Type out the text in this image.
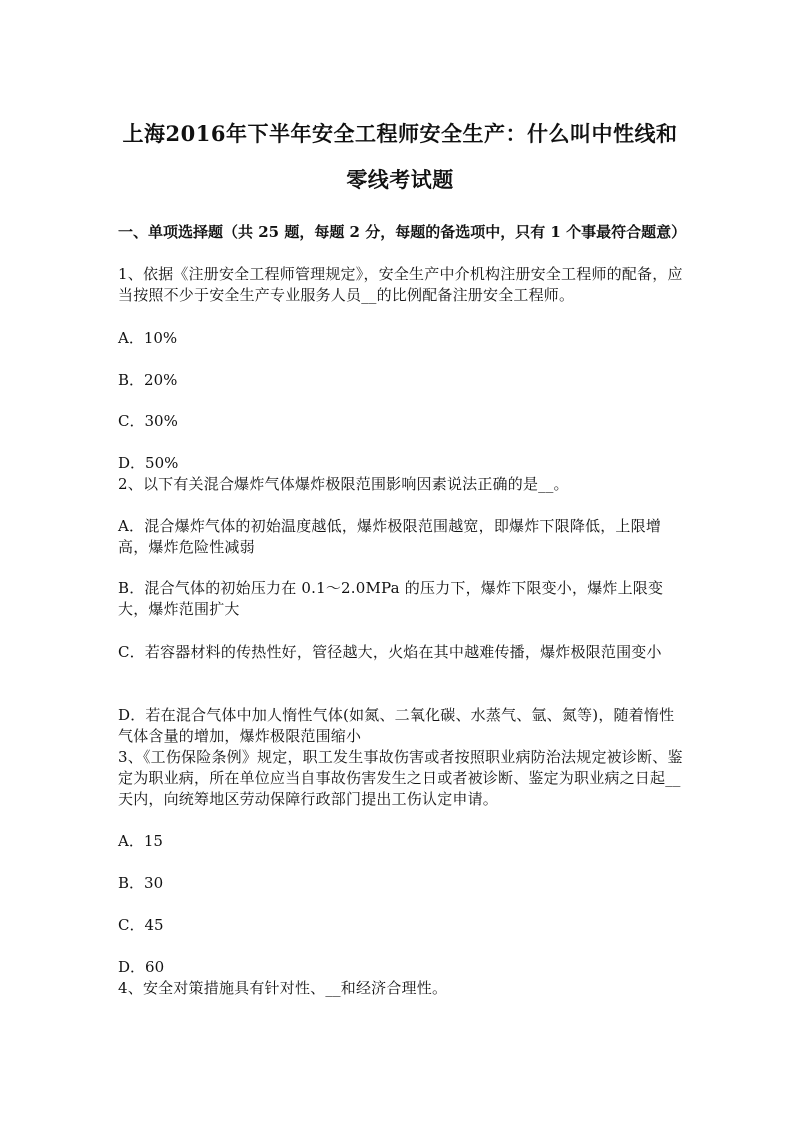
上海2016年下半年安全工程师安全生产：什么叫中性线和
零线考试题
一、单项选择题（共 25 题，每题 2 分，每题的备选项中，只有 1 个事最符合题意）
1、依据《注册安全工程师管理规定》，安全生产中介机构注册安全工程师的配备，应当按照不少于安全生产专业服务人员__的比例配备注册安全工程师。
A．10%
B．20%
C．30%
D．50%
2、以下有关混合爆炸气体爆炸极限范围影响因素说法正确的是__。
A．混合爆炸气体的初始温度越低，爆炸极限范围越宽，即爆炸下限降低，上限增高，爆炸危险性减弱
B．混合气体的初始压力在 0.1～2.0MPa 的压力下，爆炸下限变小，爆炸上限变大，爆炸范围扩大
C．若容器材料的传热性好，管径越大，火焰在其中越难传播，爆炸极限范围变小
D．若在混合气体中加人惰性气体(如氮、二氧化碳、水蒸气、氩、氮等)，随着惰性气体含量的增加，爆炸极限范围缩小
3、《工伤保险条例》规定，职工发生事故伤害或者按照职业病防治法规定被诊断、鉴定为职业病，所在单位应当自事故伤害发生之日或者被诊断、鉴定为职业病之日起__天内，向统筹地区劳动保障行政部门提出工伤认定申请。
A．15
B．30
C．45
D．60
4、安全对策措施具有针对性、__和经济合理性。
